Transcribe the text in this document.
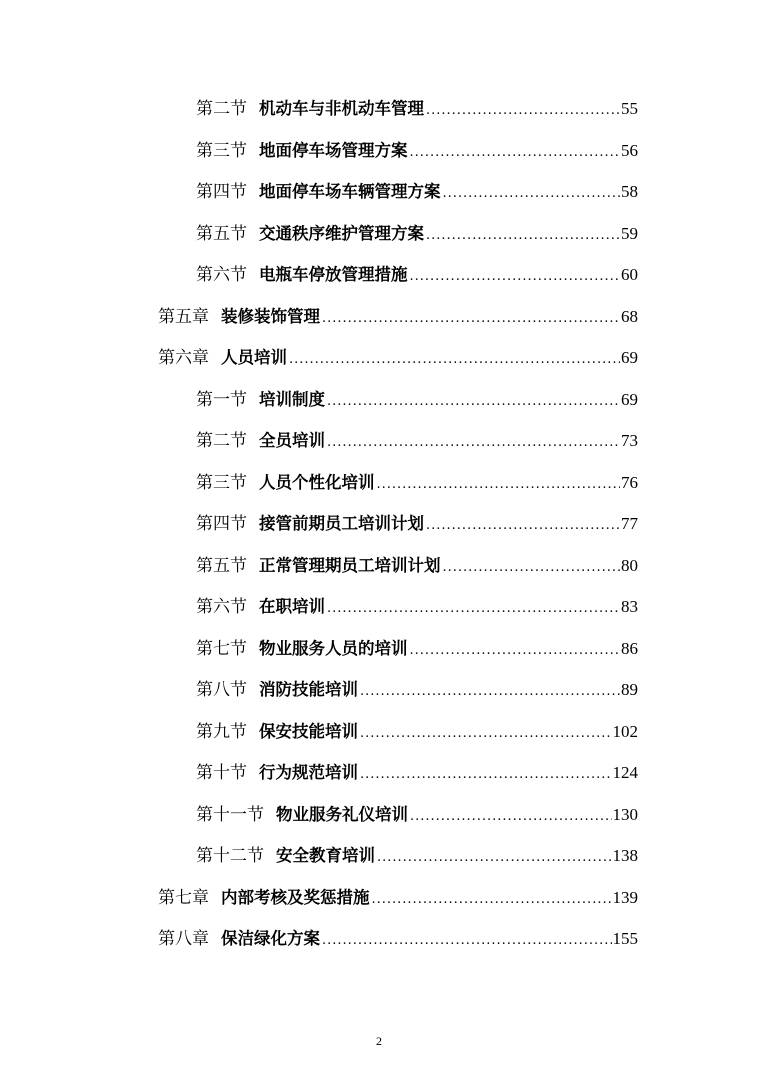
第二节 机动车与非机动车管理 .....	55
第三节 地面停车场管理方案 .....	56
第四节 地面停车场车辆管理方案 .....	58
第五节 交通秩序维护管理方案 .....	59
第六节 电瓶车停放管理措施 .....	60
第五章 装修装饰管理 .....	68
第六章 人员培训 .....	69
第一节 培训制度 .....	69
第二节 全员培训 .....	73
第三节 人员个性化培训 .....	76
第四节 接管前期员工培训计划 .....	77
第五节 正常管理期员工培训计划 .....	80
第六节 在职培训 .....	83
第七节 物业服务人员的培训 .....	86
第八节 消防技能培训 .....	89
第九节 保安技能培训 .....	102
第十节 行为规范培训 .....	124
第十一节 物业服务礼仪培训 .....	130
第十二节 安全教育培训 .....	138
第七章 内部考核及奖惩措施 .....	139
第八章 保洁绿化方案 .....	155
2
